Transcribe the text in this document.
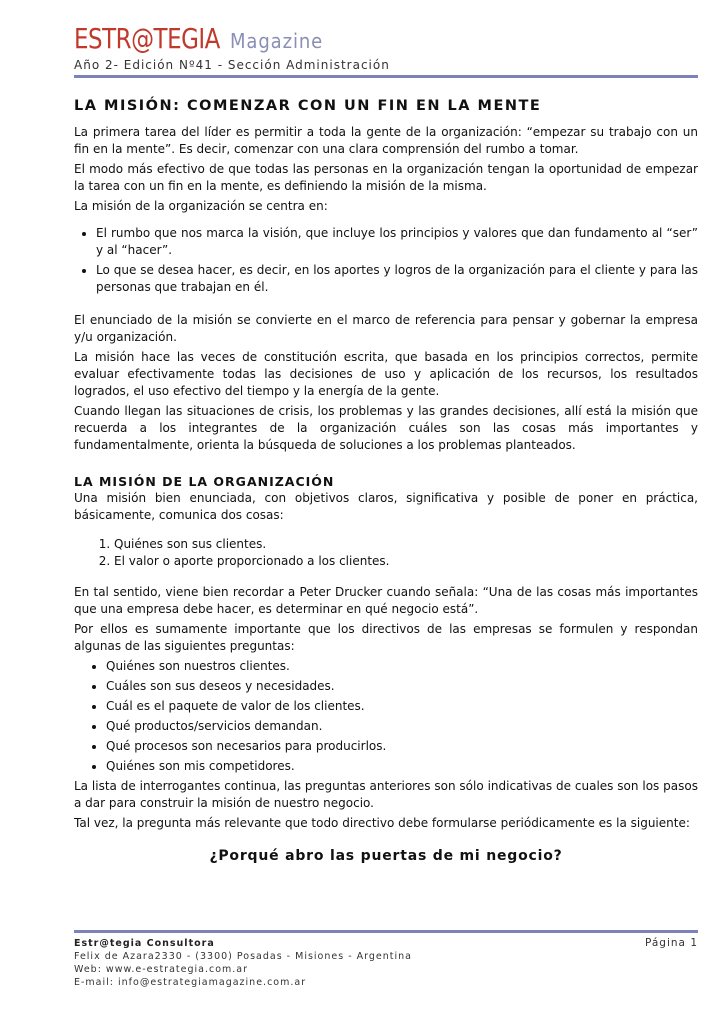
ESTR@TEGIA Magazine
Año 2- Edición Nº41 - Sección Administración
LA MISIÓN: COMENZAR CON UN FIN EN LA MENTE

La primera tarea del líder es permitir a toda la gente de la organización: “empezar su trabajo con un fin en la mente”. Es decir, comenzar con una clara comprensión del rumbo a tomar.

El modo más efectivo de que todas las personas en la organización tengan la oportunidad de empezar la tarea con un fin en la mente, es definiendo la misión de la misma.

La misión de la organización se centra en:

• El rumbo que nos marca la visión, que incluye los principios y valores que dan fundamento al “ser” y al “hacer”.
• Lo que se desea hacer, es decir, en los aportes y logros de la organización para el cliente y para las personas que trabajan en él.

El enunciado de la misión se convierte en el marco de referencia para pensar y gobernar la empresa y/u organización.

La misión hace las veces de constitución escrita, que basada en los principios correctos, permite evaluar efectivamente todas las decisiones de uso y aplicación de los recursos, los resultados logrados, el uso efectivo del tiempo y la energía de la gente.

Cuando llegan las situaciones de crisis, los problemas y las grandes decisiones, allí está la misión que recuerda a los integrantes de la organización cuáles son las cosas más importantes y fundamentalmente, orienta la búsqueda de soluciones a los problemas planteados.

LA MISIÓN DE LA ORGANIZACIÓN

Una misión bien enunciada, con objetivos claros, significativa y posible de poner en práctica, básicamente, comunica dos cosas:

1. Quiénes son sus clientes.
2. El valor o aporte proporcionado a los clientes.

En tal sentido, viene bien recordar a Peter Drucker cuando señala: “Una de las cosas más importantes que una empresa debe hacer, es determinar en qué negocio está”.

Por ellos es sumamente importante que los directivos de las empresas se formulen y respondan algunas de las siguientes preguntas:

• Quiénes son nuestros clientes.
• Cuáles son sus deseos y necesidades.
• Cuál es el paquete de valor de los clientes.
• Qué productos/servicios demandan.
• Qué procesos son necesarios para producirlos.
• Quiénes son mis competidores.

La lista de interrogantes continua, las preguntas anteriores son sólo indicativas de cuales son los pasos a dar para construir la misión de nuestro negocio.

Tal vez, la pregunta más relevante que todo directivo debe formularse periódicamente es la siguiente:

¿Porqué abro las puertas de mi negocio?
Estr@tegia Consultora
Felix de Azara2330 - (3300) Posadas - Misiones - Argentina
Web: www.e-estrategia.com.ar
E-mail: info@estrategiamagazine.com.ar
Página 1
